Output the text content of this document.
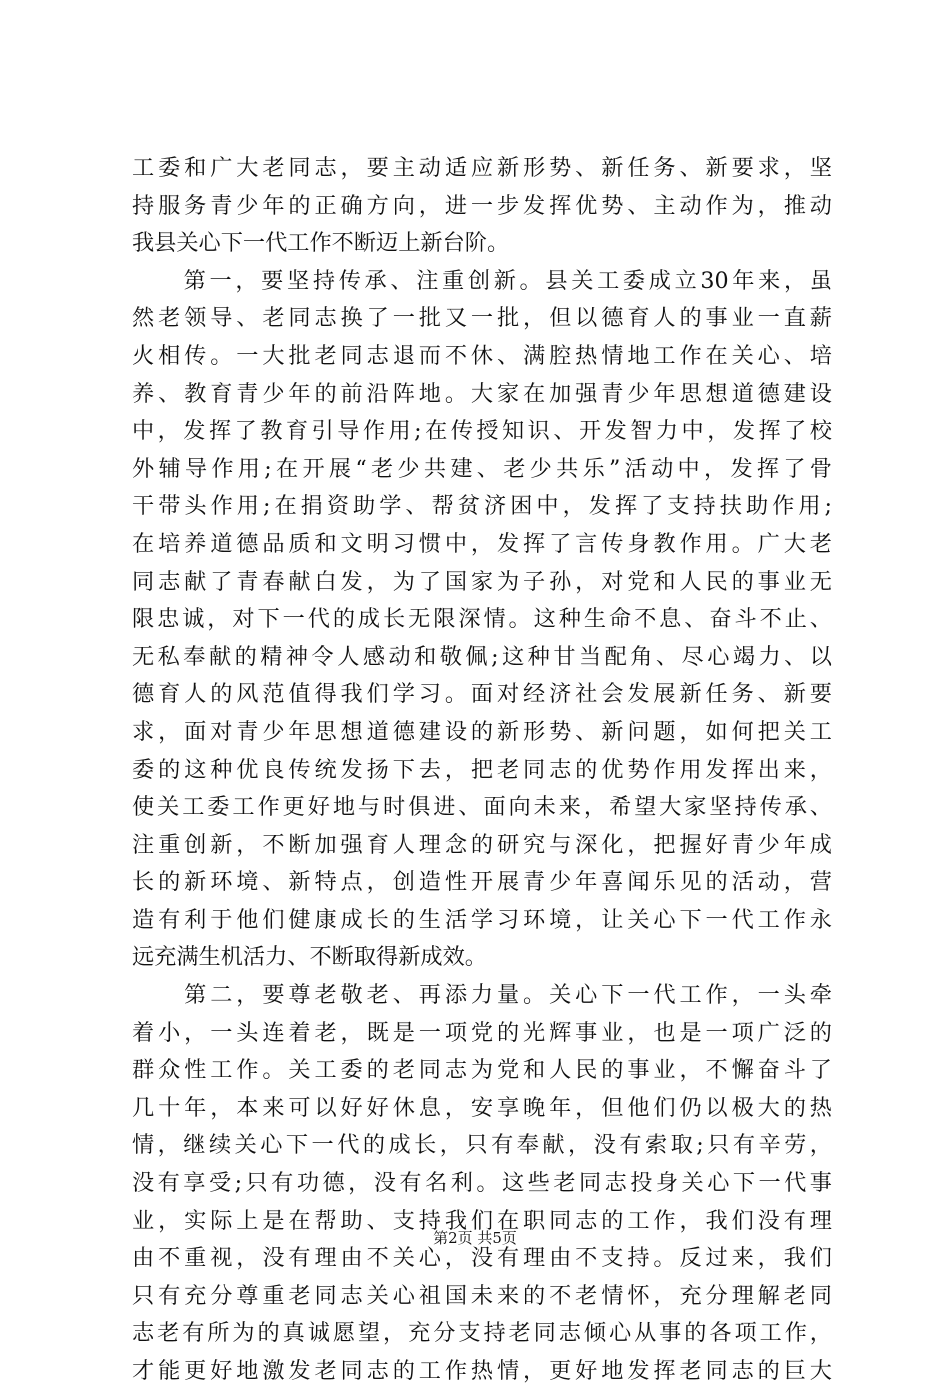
工委和广大老同志，要主动适应新形势、新任务、新要求，坚
持服务青少年的正确方向，进一步发挥优势、主动作为，推动
我县关心下一代工作不断迈上新台阶。
　　第一，要坚持传承、注重创新。县关工委成立30年来，虽
然老领导、老同志换了一批又一批，但以德育人的事业一直薪
火相传。一大批老同志退而不休、满腔热情地工作在关心、培
养、教育青少年的前沿阵地。大家在加强青少年思想道德建设
中，发挥了教育引导作用;在传授知识、开发智力中，发挥了校
外辅导作用;在开展“老少共建、老少共乐”活动中，发挥了骨
干带头作用;在捐资助学、帮贫济困中，发挥了支持扶助作用;
在培养道德品质和文明习惯中，发挥了言传身教作用。广大老
同志献了青春献白发，为了国家为子孙，对党和人民的事业无
限忠诚，对下一代的成长无限深情。这种生命不息、奋斗不止、
无私奉献的精神令人感动和敬佩;这种甘当配角、尽心竭力、以
德育人的风范值得我们学习。面对经济社会发展新任务、新要
求，面对青少年思想道德建设的新形势、新问题，如何把关工
委的这种优良传统发扬下去，把老同志的优势作用发挥出来，
使关工委工作更好地与时俱进、面向未来，希望大家坚持传承、
注重创新，不断加强育人理念的研究与深化，把握好青少年成
长的新环境、新特点，创造性开展青少年喜闻乐见的活动，营
造有利于他们健康成长的生活学习环境，让关心下一代工作永
远充满生机活力、不断取得新成效。
　　第二，要尊老敬老、再添力量。关心下一代工作，一头牵
着小，一头连着老，既是一项党的光辉事业，也是一项广泛的
群众性工作。关工委的老同志为党和人民的事业，不懈奋斗了
几十年，本来可以好好休息，安享晚年，但他们仍以极大的热
情，继续关心下一代的成长，只有奉献，没有索取;只有辛劳，
没有享受;只有功德，没有名利。这些老同志投身关心下一代事
业，实际上是在帮助、支持我们在职同志的工作，我们没有理
由不重视，没有理由不关心，没有理由不支持。反过来，我们
只有充分尊重老同志关心祖国未来的不老情怀，充分理解老同
志老有所为的真诚愿望，充分支持老同志倾心从事的各项工作，
才能更好地激发老同志的工作热情，更好地发挥老同志的巨大
第2页 共5页
